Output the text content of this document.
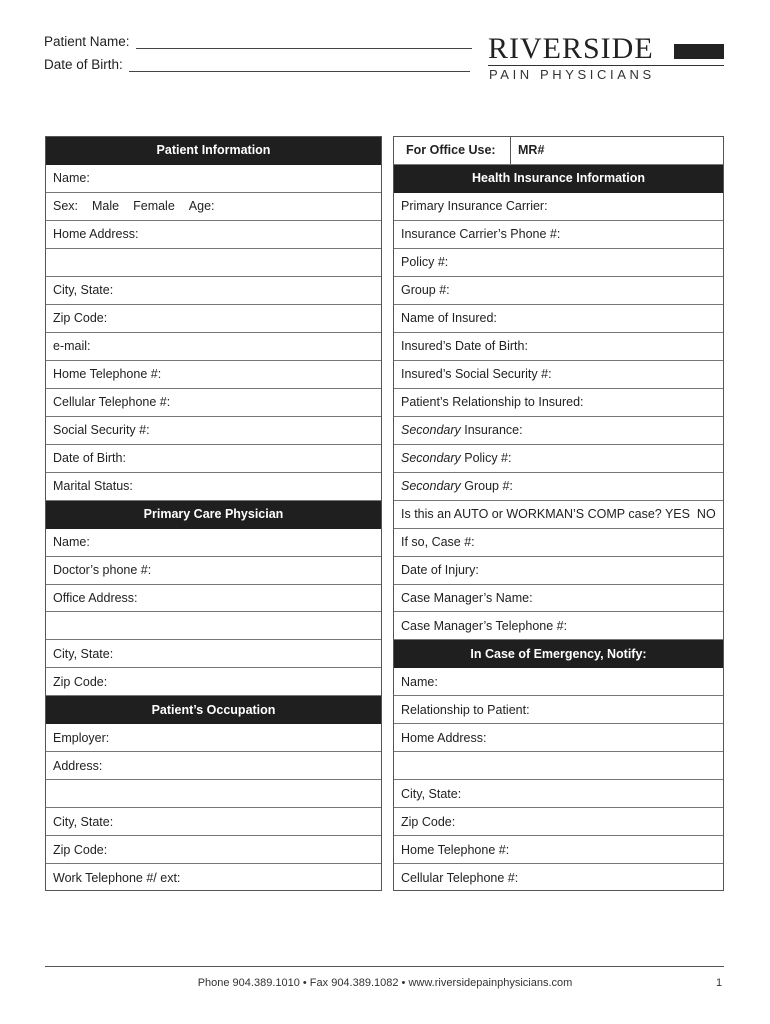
Patient Name:
Date of Birth:	RIVERSIDE
PAIN PHYSICIANS
Patient Information
Name:
Sex: Male Female Age:
Home Address:
City, State:
Zip Code:
e-mail:
Home Telephone #:
Cellular Telephone #:
Social Security #:
Date of Birth:
Marital Status:
Primary Care Physician
Name:
Doctor’s phone #:
Office Address:
City, State:
Zip Code:
Patient’s Occupation
Employer:
Address:
City, State:
Zip Code:
Work Telephone #/ ext:
For Office Use:	MR#
Health Insurance Information
Primary Insurance Carrier:
Insurance Carrier’s Phone #:
Policy #:
Group #:
Name of Insured:
Insured’s Date of Birth:
Insured’s Social Security #:
Patient’s Relationship to Insured:
Secondary Insurance:
Secondary Policy #:
Secondary Group #:
Is this an AUTO or WORKMAN’S COMP case? YES  NO
If so, Case #:
Date of Injury:
Case Manager’s Name:
Case Manager’s Telephone #:
In Case of Emergency, Notify:
Name:
Relationship to Patient:
Home Address:
City, State:
Zip Code:
Home Telephone #:
Cellular Telephone #:
Phone 904.389.1010 • Fax 904.389.1082 • www.riversidepainphysicians.com	1
